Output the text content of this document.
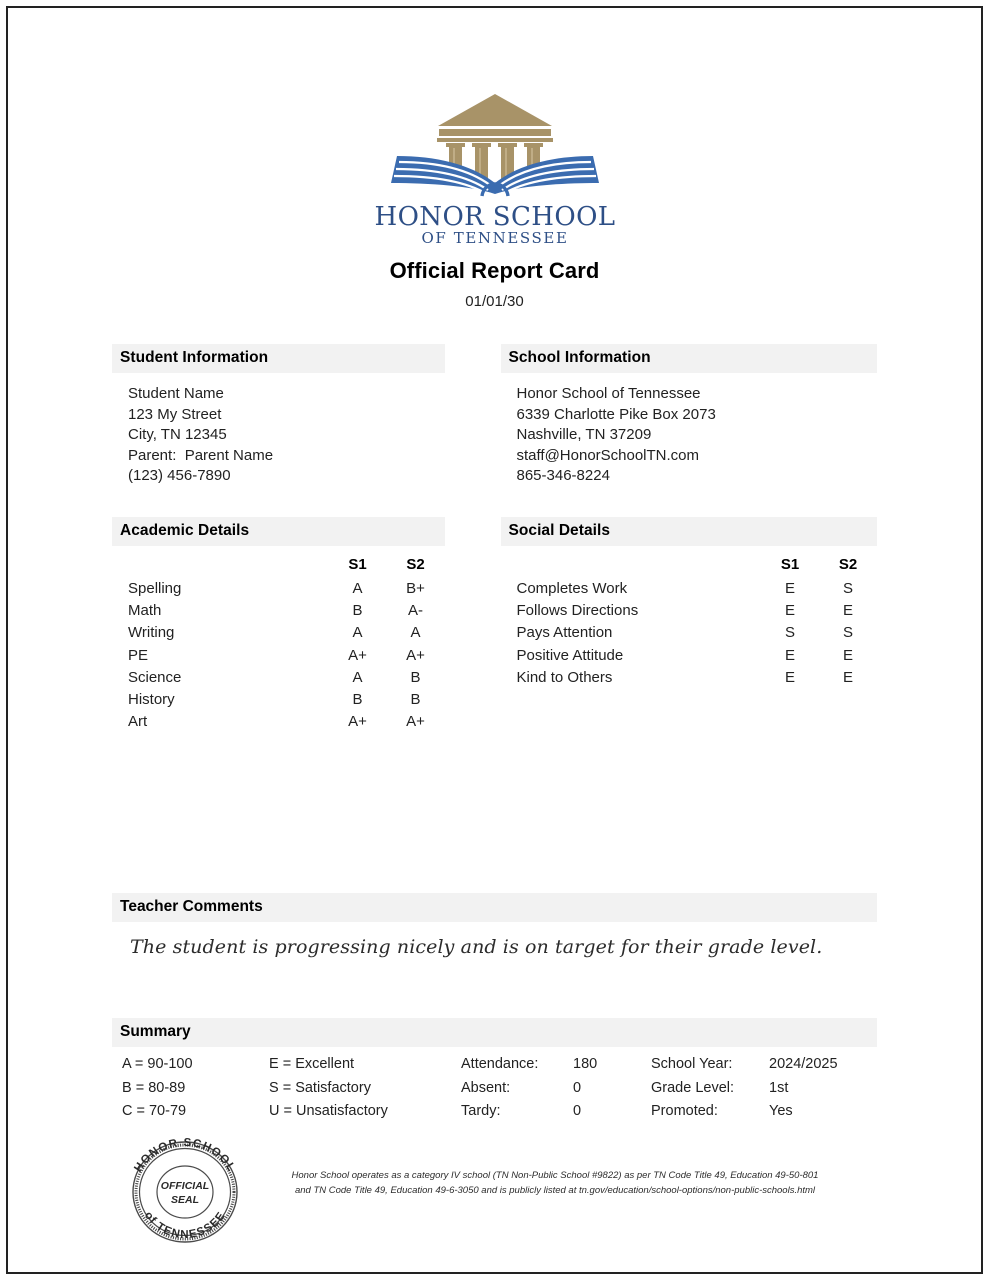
HONOR SCHOOL
OF TENNESSEE
Official Report Card
01/01/30
Student Information
Student Name
123 My Street
City, TN 12345
Parent:  Parent Name
(123) 456-7890
School Information
Honor School of Tennessee
6339 Charlotte Pike Box 2073
Nashville, TN 37209
staff@HonorSchoolTN.com
865-346-8224
Academic Details
	S1	S2
Spelling	A	B+
Math	B	A-
Writing	A	A
PE	A+	A+
Science	A	B
History	B	B
Art	A+	A+
Social Details
	S1	S2
Completes Work	E	S
Follows Directions	E	E
Pays Attention	S	S
Positive Attitude	E	E
Kind to Others	E	E
Teacher Comments
The student is progressing nicely and is on target for their grade level.
Summary
A = 90-100
B = 80-89
C = 70-79
E = Excellent
S = Satisfactory
U = Unsatisfactory
Attendance:	180
Absent:	0
Tardy:	0
School Year:	2024/2025
Grade Level:	1st
Promoted:	Yes
HONOR SCHOOL
of TENNESSEE
OFFICIAL
SEAL
Honor School operates as a category IV school (TN Non-Public School #9822) as per TN Code Title 49, Education 49-50-801
and TN Code Title 49, Education 49-6-3050 and is publicly listed at tn.gov/education/school-options/non-public-schools.html
